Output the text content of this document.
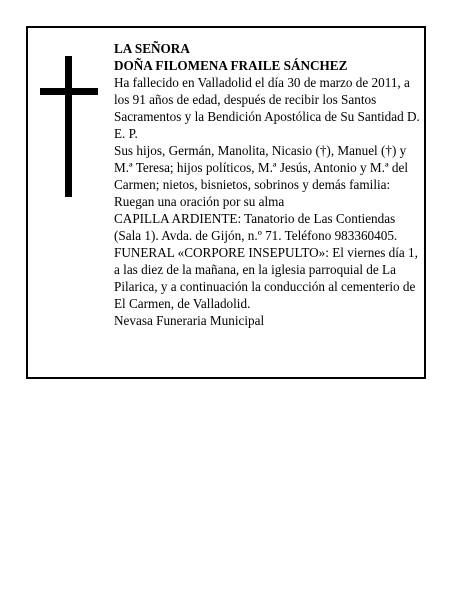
LA SEÑORA

DOÑA FILOMENA FRAILE SÁNCHEZ

Ha fallecido en Valladolid el día 30 de marzo de 2011, a los 91 años de edad, después de recibir los Santos Sacramentos y la Bendición Apostólica de Su Santidad D. E. P.

Sus hijos, Germán, Manolita, Nicasio (†), Manuel (†) y M.ª Teresa; hijos políticos, M.ª Jesús, Antonio y M.ª del Carmen; nietos, bisnietos, sobrinos y demás familia:

Ruegan una oración por su alma

CAPILLA ARDIENTE: Tanatorio de Las Contiendas (Sala 1). Avda. de Gijón, n.º 71. Teléfono 983360405.

FUNERAL «CORPORE INSEPULTO»: El viernes día 1, a las diez de la mañana, en la iglesia parroquial de La Pilarica, y a continuación la conducción al cementerio de El Carmen, de Valladolid.

Nevasa Funeraria Municipal
